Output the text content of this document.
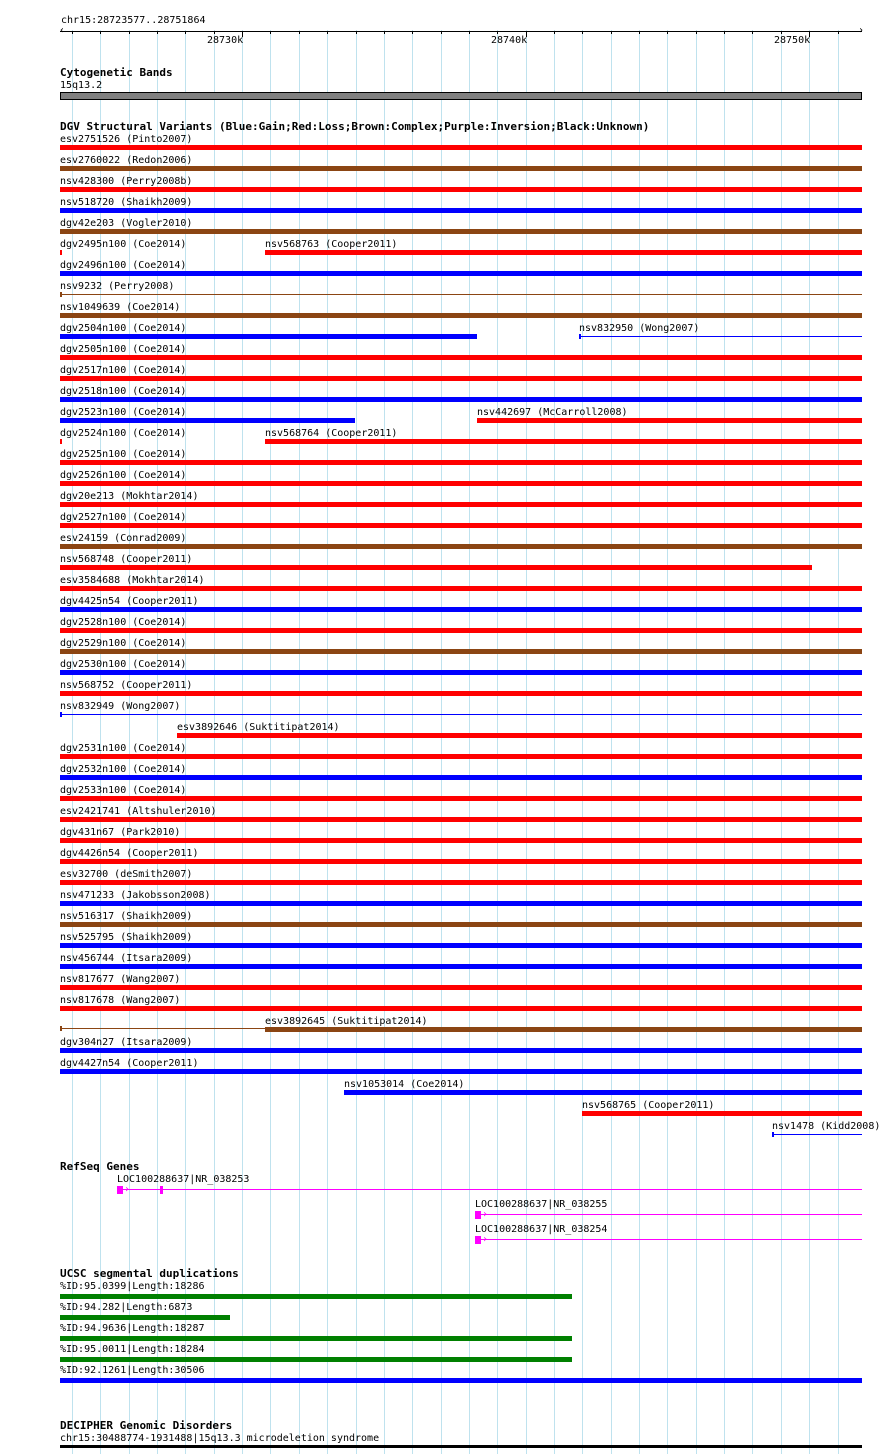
chr15:28723577..28751864
‹	›
28730k	28740k	28750k
Cytogenetic Bands
15q13.2
DGV Structural Variants (Blue:Gain;Red:Loss;Brown:Complex;Purple:Inversion;Black:Unknown)
esv2751526 (Pinto2007)
esv2760022 (Redon2006)
nsv428300 (Perry2008b)
nsv518720 (Shaikh2009)
dgv42e203 (Vogler2010)
dgv2495n100 (Coe2014)	nsv568763 (Cooper2011)
dgv2496n100 (Coe2014)
nsv9232 (Perry2008)
nsv1049639 (Coe2014)
dgv2504n100 (Coe2014)	nsv832950 (Wong2007)
dgv2505n100 (Coe2014)
dgv2517n100 (Coe2014)
dgv2518n100 (Coe2014)
dgv2523n100 (Coe2014)	nsv442697 (McCarroll2008)
dgv2524n100 (Coe2014)	nsv568764 (Cooper2011)
dgv2525n100 (Coe2014)
dgv2526n100 (Coe2014)
dgv20e213 (Mokhtar2014)
dgv2527n100 (Coe2014)
esv24159 (Conrad2009)
nsv568748 (Cooper2011)
esv3584688 (Mokhtar2014)
dgv4425n54 (Cooper2011)
dgv2528n100 (Coe2014)
dgv2529n100 (Coe2014)
dgv2530n100 (Coe2014)
nsv568752 (Cooper2011)
nsv832949 (Wong2007)
esv3892646 (Suktitipat2014)
dgv2531n100 (Coe2014)
dgv2532n100 (Coe2014)
dgv2533n100 (Coe2014)
esv2421741 (Altshuler2010)
dgv431n67 (Park2010)
dgv4426n54 (Cooper2011)
esv32700 (deSmith2007)
nsv471233 (Jakobsson2008)
nsv516317 (Shaikh2009)
nsv525795 (Shaikh2009)
nsv456744 (Itsara2009)
nsv817677 (Wang2007)
nsv817678 (Wang2007)
esv3892645 (Suktitipat2014)
dgv304n27 (Itsara2009)
dgv4427n54 (Cooper2011)
nsv1053014 (Coe2014)
nsv568765 (Cooper2011)
nsv1478 (Kidd2008)
RefSeq Genes
LOC100288637|NR_038253
›
LOC100288637|NR_038255
›
LOC100288637|NR_038254
›
UCSC segmental duplications
%ID:95.0399|Length:18286
%ID:94.282|Length:6873
%ID:94.9636|Length:18287
%ID:95.0011|Length:18284
%ID:92.1261|Length:30506
DECIPHER Genomic Disorders
chr15:30488774-1931488|15q13.3 microdeletion syndrome
